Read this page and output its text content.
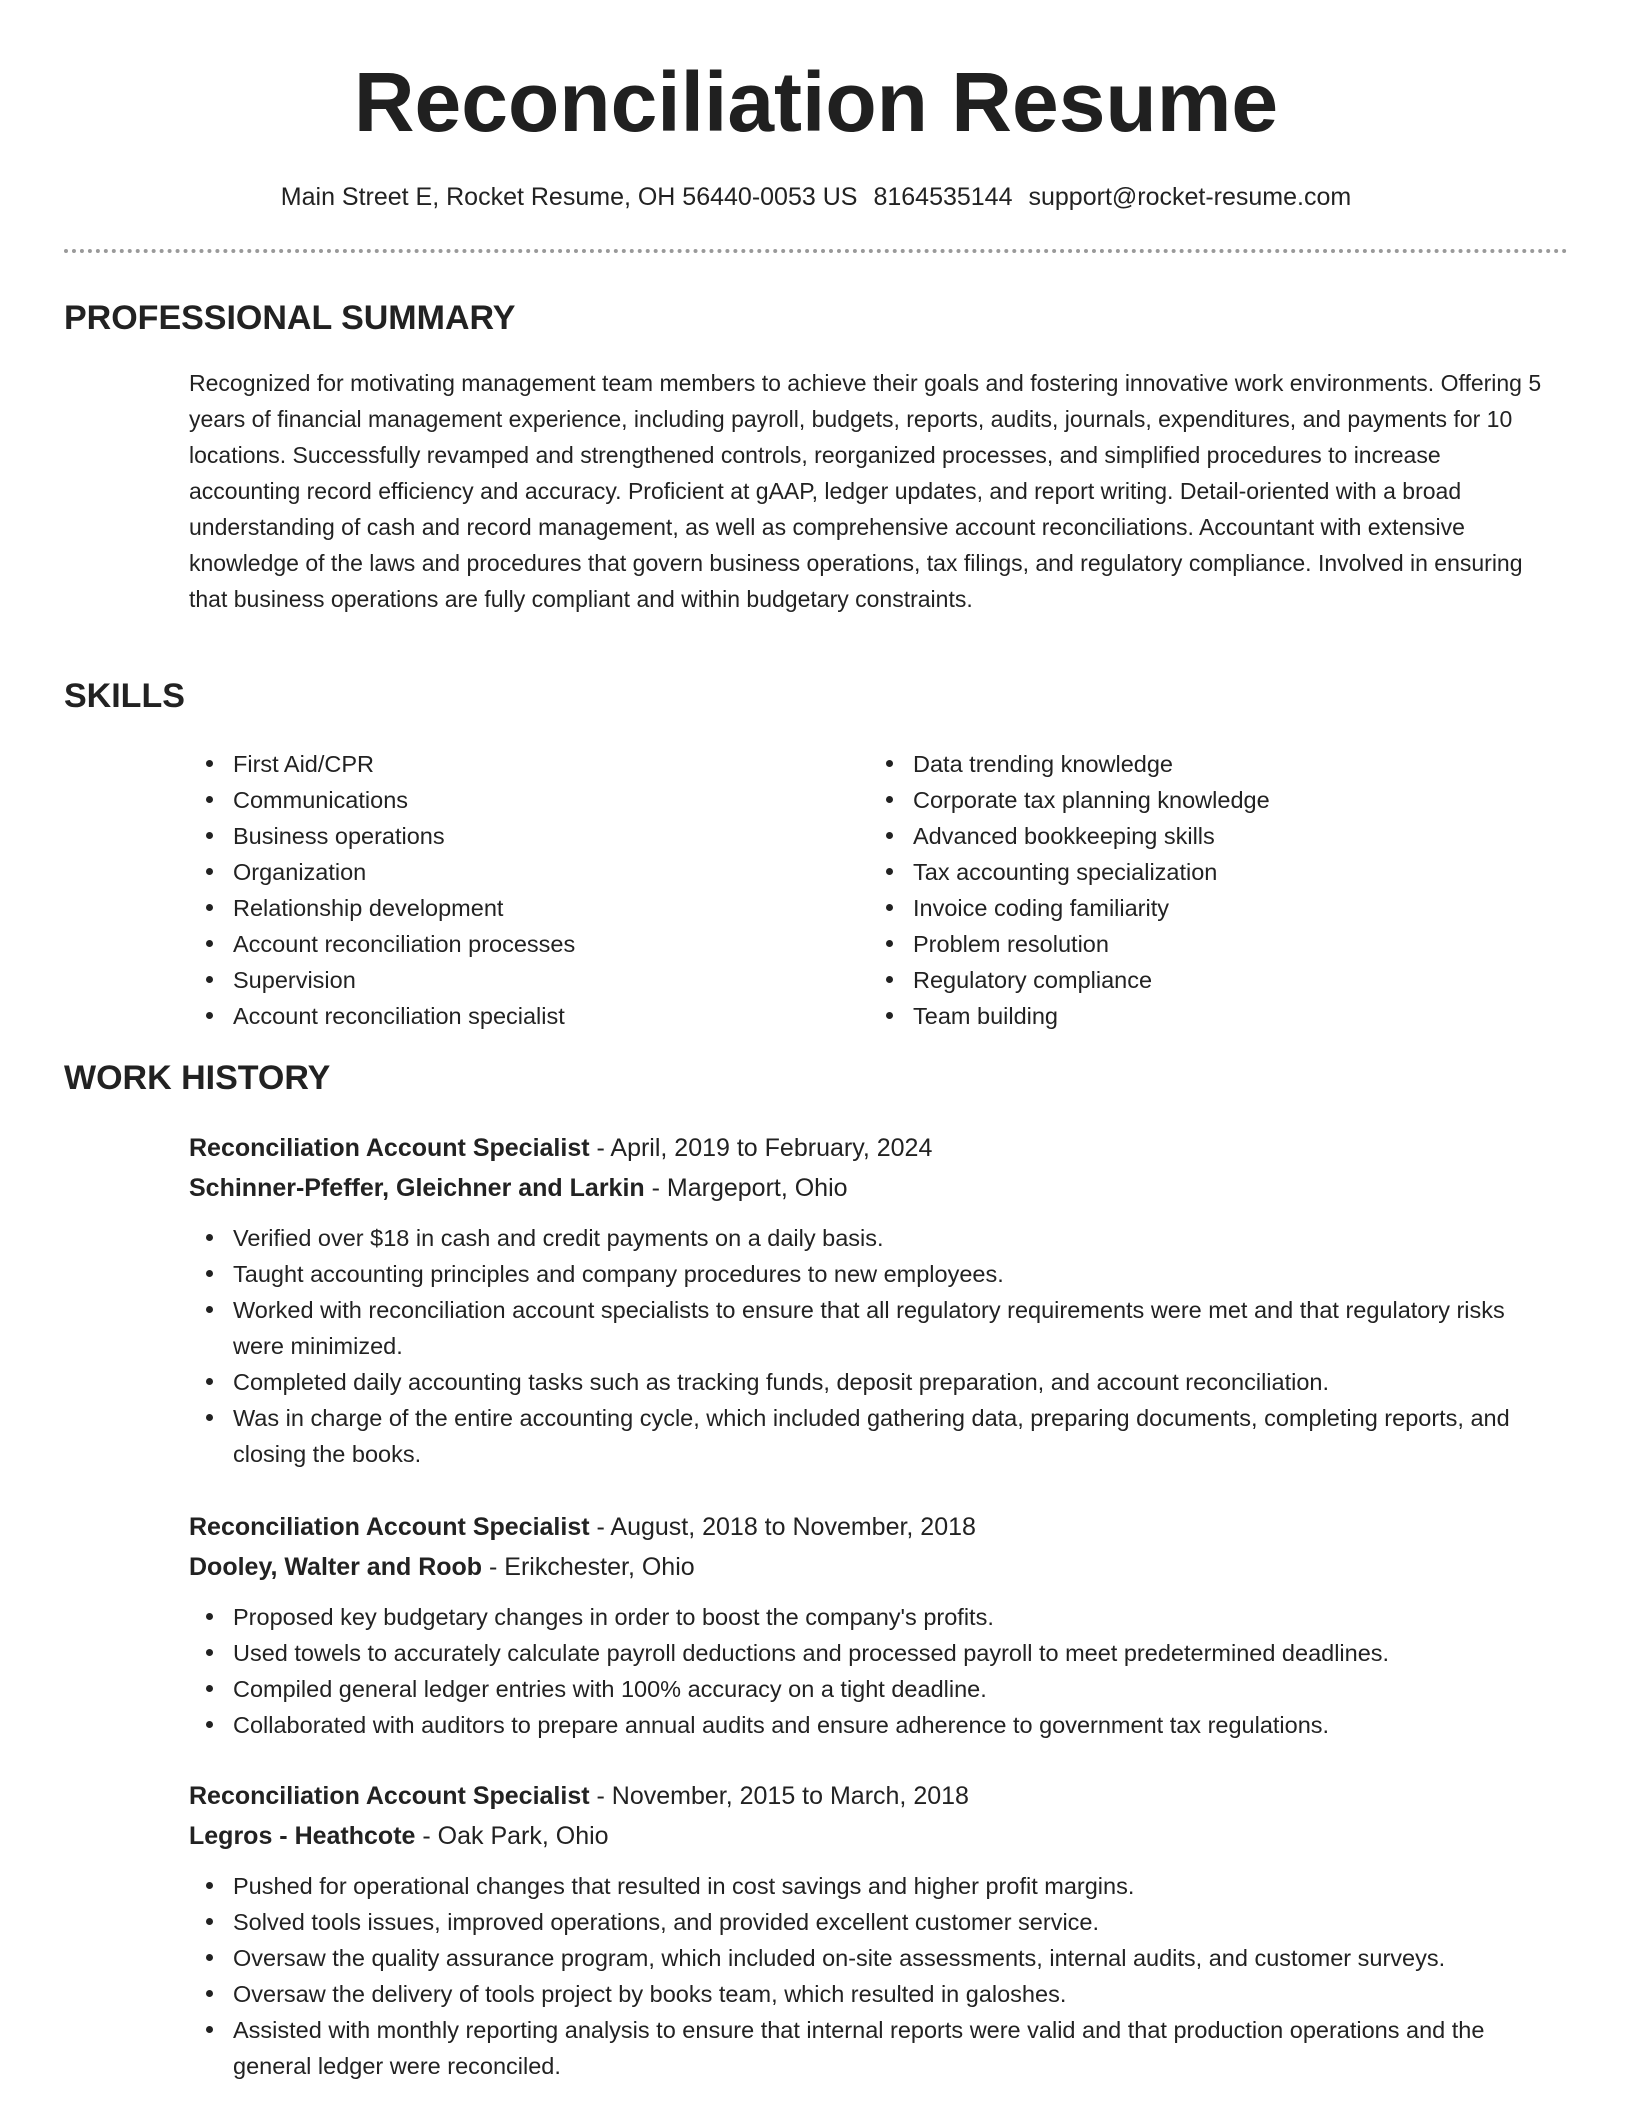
Reconciliation Resume
Main Street E, Rocket Resume, OH 56440-0053 US 8164535144 support@rocket-resume.com
PROFESSIONAL SUMMARY

Recognized for motivating management team members to achieve their goals and fostering innovative work environments. Offering 5 years of financial management experience, including payroll, budgets, reports, audits, journals, expenditures, and payments for 10 locations. Successfully revamped and strengthened controls, reorganized processes, and simplified procedures to increase accounting record efficiency and accuracy. Proficient at gAAP, ledger updates, and report writing. Detail-oriented with a broad understanding of cash and record management, as well as comprehensive account reconciliations. Accountant with extensive knowledge of the laws and procedures that govern business operations, tax filings, and regulatory compliance. Involved in ensuring that business operations are fully compliant and within budgetary constraints.

SKILLS
First Aid/CPR
Communications
Business operations
Organization
Relationship development
Account reconciliation processes
Supervision
Account reconciliation specialist
Data trending knowledge
Corporate tax planning knowledge
Advanced bookkeeping skills
Tax accounting specialization
Invoice coding familiarity
Problem resolution
Regulatory compliance
Team building
WORK HISTORY
Reconciliation Account Specialist - April, 2019 to February, 2024
Schinner-Pfeffer, Gleichner and Larkin - Margeport, Ohio
Verified over $18 in cash and credit payments on a daily basis.
Taught accounting principles and company procedures to new employees.
Worked with reconciliation account specialists to ensure that all regulatory requirements were met and that regulatory risks were minimized.
Completed daily accounting tasks such as tracking funds, deposit preparation, and account reconciliation.
Was in charge of the entire accounting cycle, which included gathering data, preparing documents, completing reports, and closing the books.
Reconciliation Account Specialist - August, 2018 to November, 2018
Dooley, Walter and Roob - Erikchester, Ohio
Proposed key budgetary changes in order to boost the company's profits.
Used towels to accurately calculate payroll deductions and processed payroll to meet predetermined deadlines.
Compiled general ledger entries with 100% accuracy on a tight deadline.
Collaborated with auditors to prepare annual audits and ensure adherence to government tax regulations.
Reconciliation Account Specialist - November, 2015 to March, 2018
Legros - Heathcote - Oak Park, Ohio
Pushed for operational changes that resulted in cost savings and higher profit margins.
Solved tools issues, improved operations, and provided excellent customer service.
Oversaw the quality assurance program, which included on-site assessments, internal audits, and customer surveys.
Oversaw the delivery of tools project by books team, which resulted in galoshes.
Assisted with monthly reporting analysis to ensure that internal reports were valid and that production operations and the general ledger were reconciled.
